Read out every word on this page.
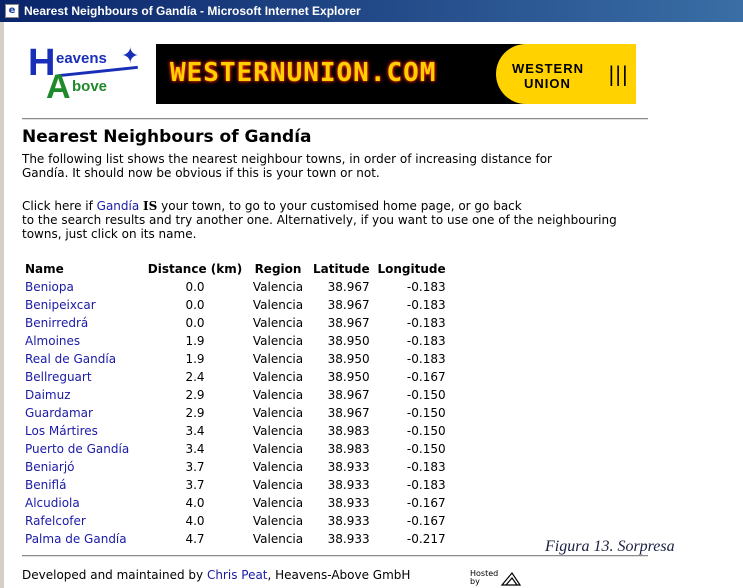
e Nearest Neighbours of Gandía - Microsoft Internet Explorer
H eavens
A bove
✦
WESTERNUNION.COM	WESTERN
UNION |||
Nearest Neighbours of Gandía
The following list shows the nearest neighbour towns, in order of increasing distance for
Gandía. It should now be obvious if this is your town or not.
Click here if Gandía IS your town, to go to your customised home page, or go back
to the search results and try another one. Alternatively, if you want to use one of the neighbouring
towns, just click on its name.
Name	Distance (km)	Region	Latitude	Longitude
Beniopa	0.0	Valencia	38.967	-0.183
Benipeixcar	0.0	Valencia	38.967	-0.183
Benirredrá	0.0	Valencia	38.967	-0.183
Almoines	1.9	Valencia	38.950	-0.183
Real de Gandía	1.9	Valencia	38.950	-0.183
Bellreguart	2.4	Valencia	38.950	-0.167
Daimuz	2.9	Valencia	38.967	-0.150
Guardamar	2.9	Valencia	38.967	-0.150
Los Mártires	3.4	Valencia	38.983	-0.150
Puerto de Gandía	3.4	Valencia	38.983	-0.150
Beniarjó	3.7	Valencia	38.933	-0.183
Beniflá	3.7	Valencia	38.933	-0.183
Alcudiola	4.0	Valencia	38.933	-0.167
Rafelcofer	4.0	Valencia	38.933	-0.167
Palma de Gandía	4.7	Valencia	38.933	-0.217
Developed and maintained by Chris Peat, Heavens-Above GmbH	Hosted by
Figura 13. Sorpresa
